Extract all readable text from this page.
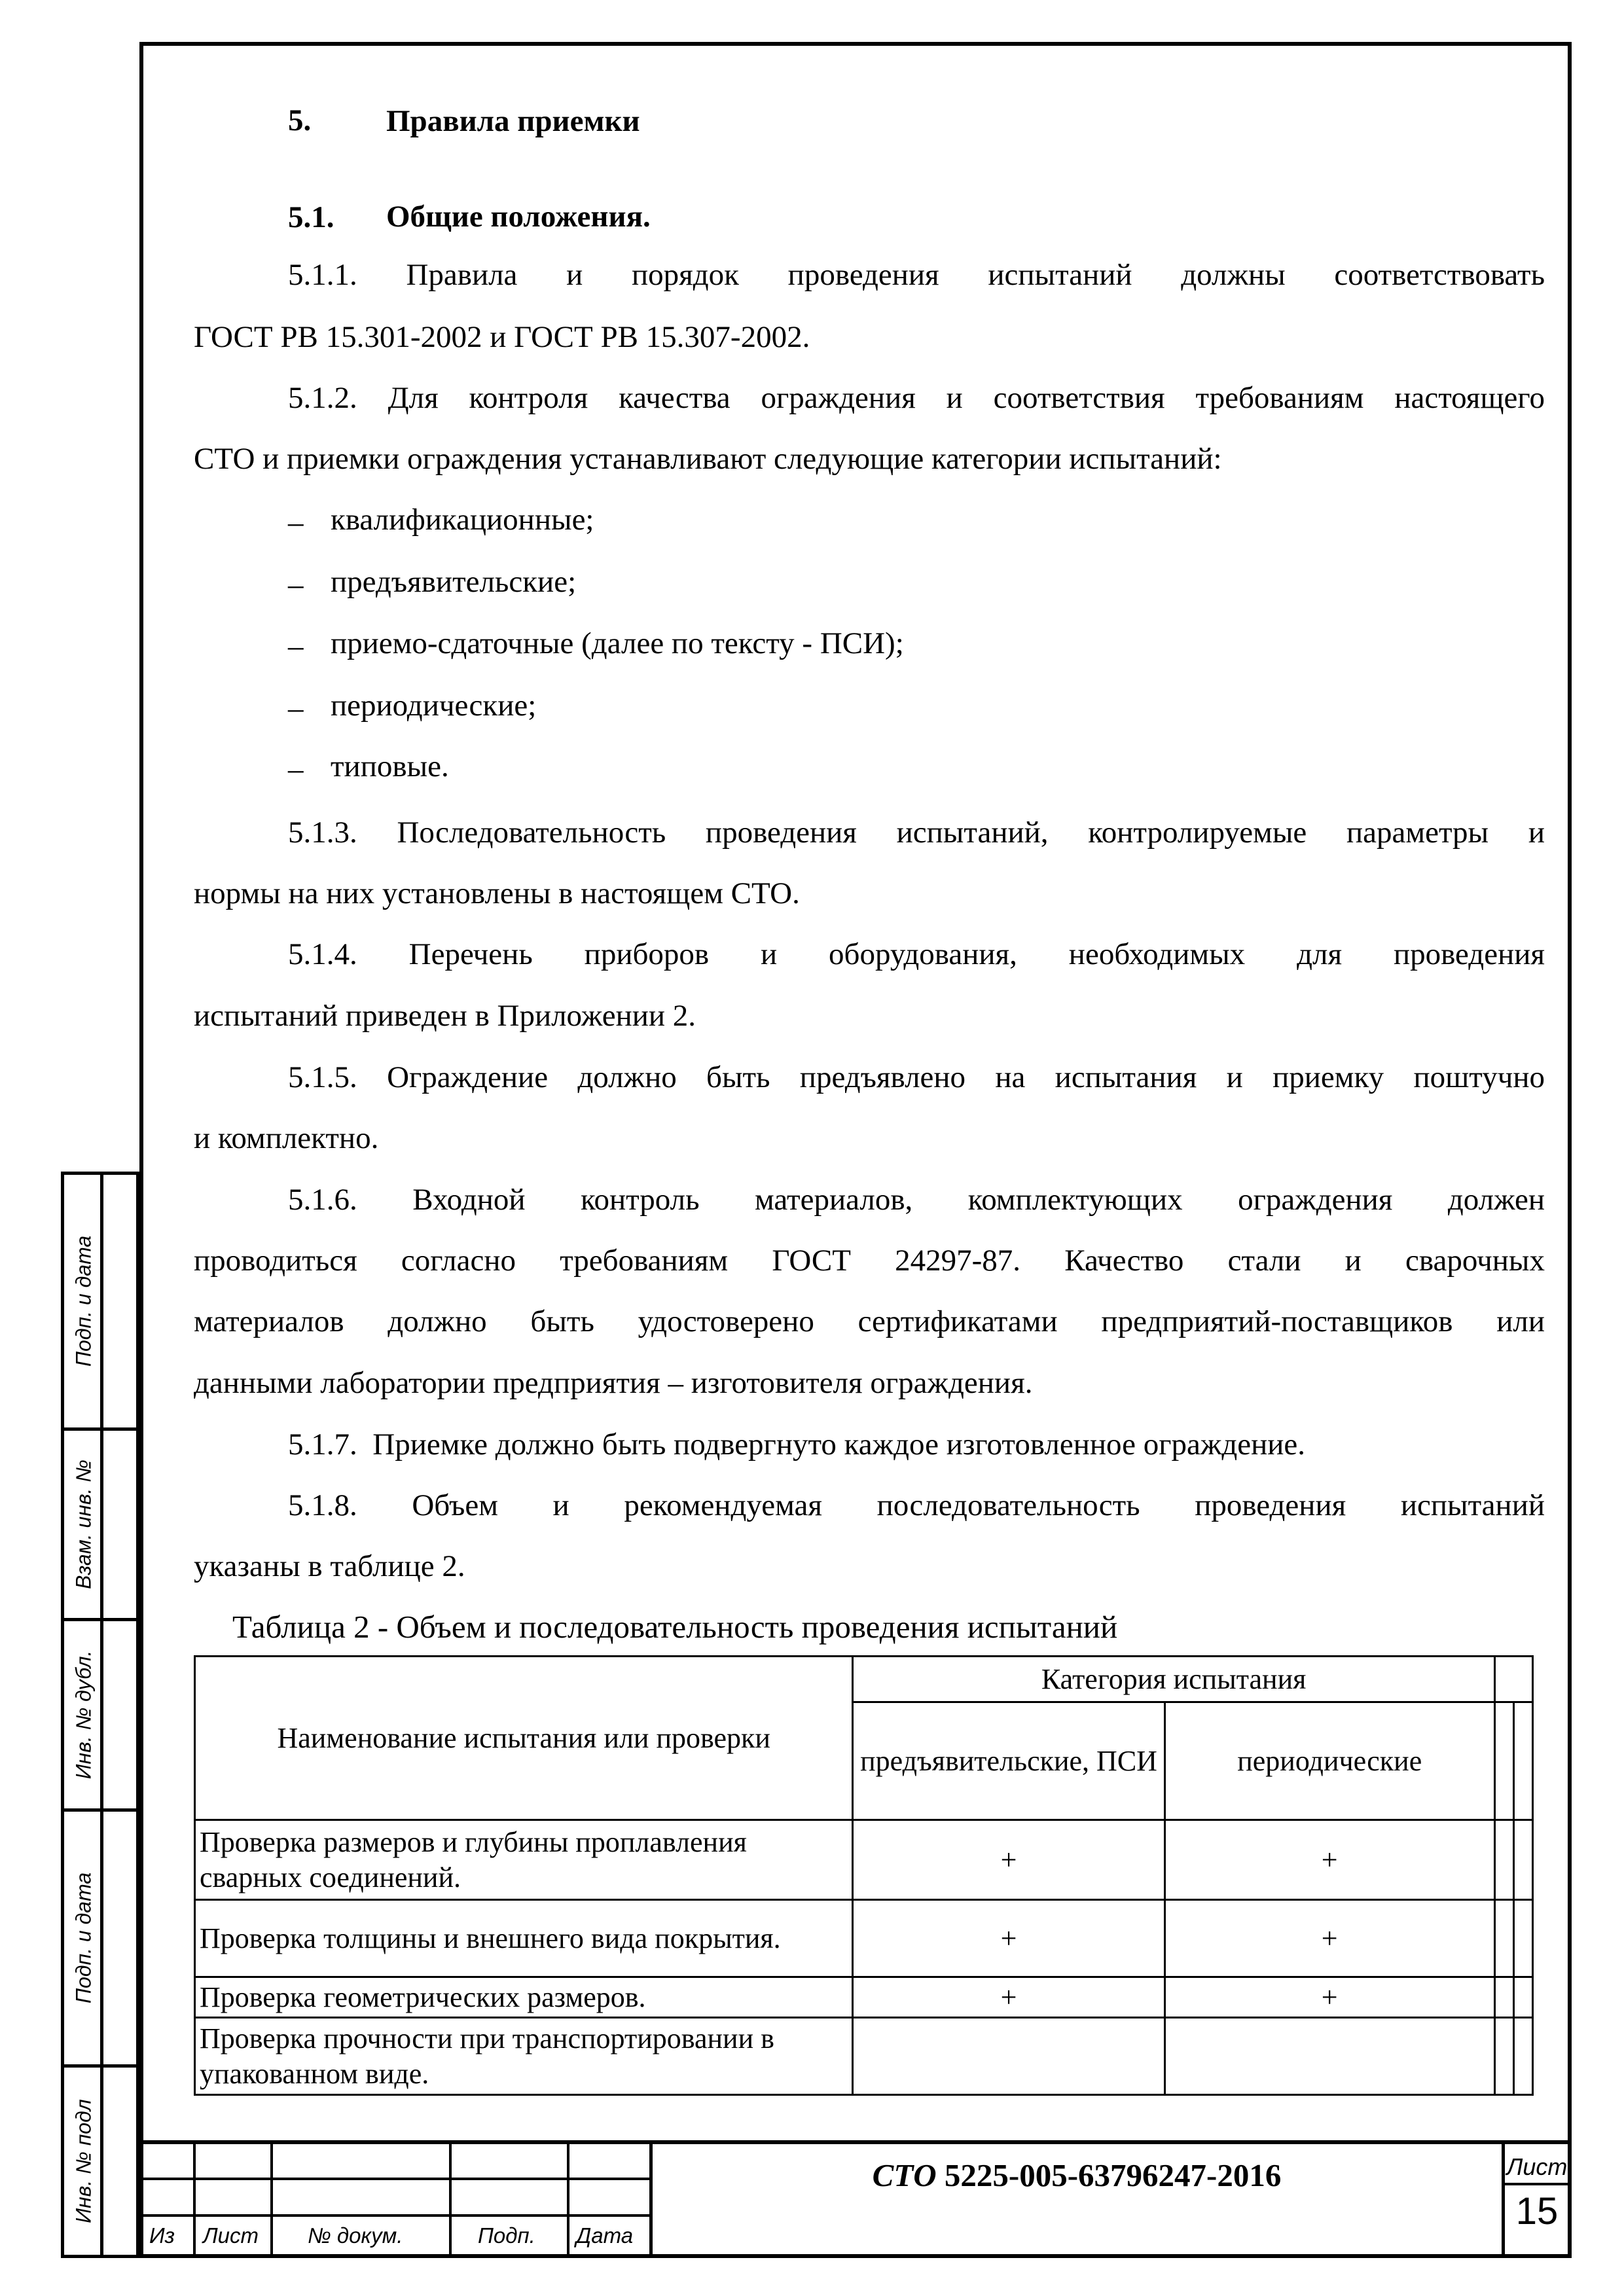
Подп. и дата
Взам. инв. №
Инв. № дубл.
Подп. и дата
Инв. № подл
5. Правила приемки
5.1. Общие положения.
5.1.1. Правила и порядок проведения испытаний должны соответствовать
ГОСТ РВ 15.301-2002 и ГОСТ РВ 15.307-2002.
5.1.2. Для контроля качества ограждения и соответствия требованиям настоящего
СТО и приемки ограждения устанавливают следующие категории испытаний:
– квалификационные;
– предъявительские;
– приемо-сдаточные (далее по тексту - ПСИ);
– периодические;
– типовые.
5.1.3. Последовательность проведения испытаний, контролируемые параметры и
нормы на них установлены в настоящем СТО.
5.1.4. Перечень приборов и оборудования, необходимых для проведения
испытаний приведен в Приложении 2.
5.1.5. Ограждение должно быть предъявлено на испытания и приемку поштучно
и комплектно.
5.1.6. Входной контроль материалов, комплектующих ограждения должен
проводиться согласно требованиям ГОСТ 24297-87. Качество стали и сварочных
материалов должно быть удостоверено сертификатами предприятий-поставщиков или
данными лаборатории предприятия – изготовителя ограждения.
5.1.7. Приемке должно быть подвергнуто каждое изготовленное ограждение.
5.1.8. Объем и рекомендуемая последовательность проведения испытаний
указаны в таблице 2.
Таблица 2 - Объем и последовательность проведения испытаний
Наименование испытания или проверки	Категория испытания			
	предъявительские, ПСИ	периодические		
Проверка размеров и глубины проплавления сварных соединений.	+	+		
Проверка толщины и внешнего вида покрытия.	+	+		
Проверка геометрических размеров.	+	+		
Проверка прочности при транспортировании в упакованном виде.				
Из Лист № докум.	Подп. Дата
СТО 5225-005-63796247-2016	Лист
15
